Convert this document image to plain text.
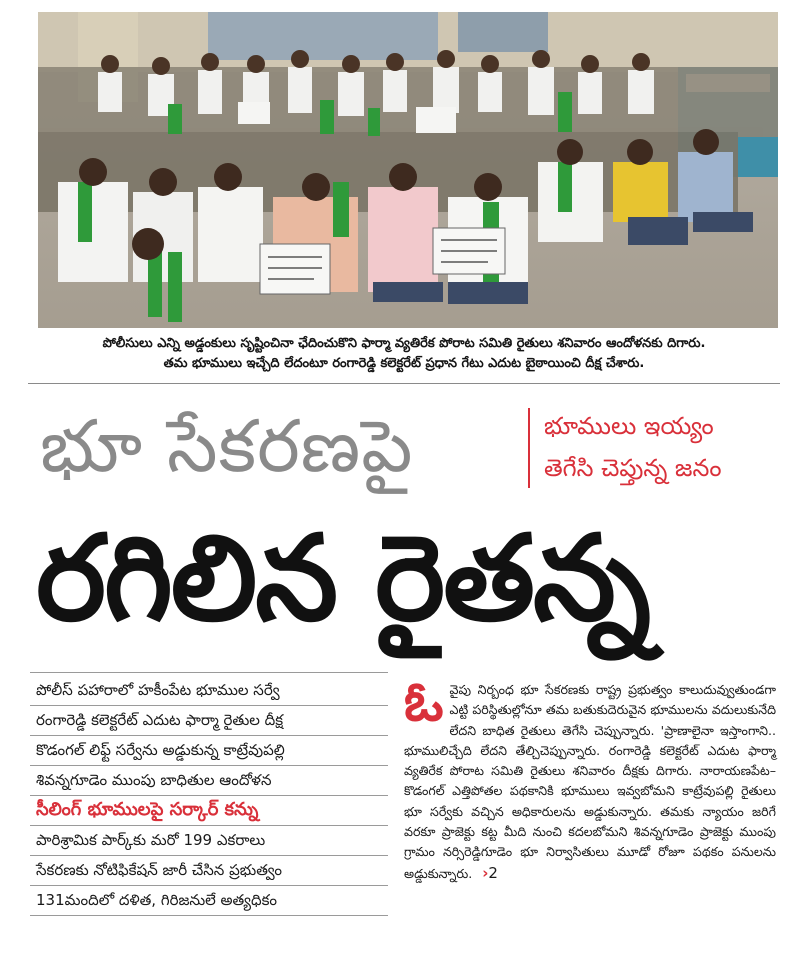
పోలీసులు ఎన్ని అడ్డంకులు సృష్టించినా ఛేదించుకొని ఫార్మా వ్యతిరేక పోరాట సమితి రైతులు శనివారం ఆందోళనకు దిగారు.
తమ భూములు ఇచ్చేది లేదంటూ రంగారెడ్డి కలెక్టరేట్ ప్రధాన గేటు ఎదుట బైఠాయించి దీక్ష చేశారు.
భూ సేకరణపై	భూములు ఇయ్యం
తెగేసి చెప్తున్న జనం
రగిలిన రైతన్న
పోలీస్ పహారాలో హకీంపేట భూముల సర్వే
రంగారెడ్డి కలెక్టరేట్ ఎదుట ఫార్మా రైతుల దీక్ష
కొడంగల్ లిఫ్ట్ సర్వేను అడ్డుకున్న కాట్రేవుపల్లి
శివన్నగూడెం ముంపు బాధితుల ఆందోళన
సీలింగ్ భూములపై సర్కార్ కన్ను
పారిశ్రామిక పార్క్‌కు మరో 199 ఎకరాలు
సేకరణకు నోటిఫికేషన్ జారీ చేసిన ప్రభుత్వం
131మందిలో దళిత, గిరిజనులే అత్యధికం
ఓ వైపు నిర్బంధ భూ సేకరణకు రాష్ట్ర ప్రభుత్వం కాలుదువ్వుతుండగా ఎట్టి పరిస్థితుల్లోనూ తమ బతుకుదెరువైన భూములను వదులుకునేది లేదని బాధిత రైతులు తెగేసి చెప్పున్నారు. 'ప్రాణాలైనా ఇస్తాంగాని.. భూములిచ్చేది లేదని తేల్చిచెప్పున్నారు. రంగారెడ్డి కలెక్టరేట్ ఎదుట ఫార్మా వ్యతిరేక పోరాట సమితి రైతులు శనివారం దీక్షకు దిగారు. నారాయణపేట–కొడంగల్ ఎత్తిపోతల పథకానికి భూములు ఇవ్వబోమని కాట్రేవుపల్లి రైతులు భూ సర్వేకు వచ్చిన అధికారులను అడ్డుకున్నారు. తమకు న్యాయం జరిగే వరకూ ప్రాజెక్టు కట్ట మీది నుంచి కదలబోమని శివన్నగూడెం ప్రాజెక్టు ముంపు గ్రామం నర్సిరెడ్డిగూడెం భూ నిర్వాసితులు మూడో రోజూ పథకం పనులను అడ్డుకున్నారు. ›2
